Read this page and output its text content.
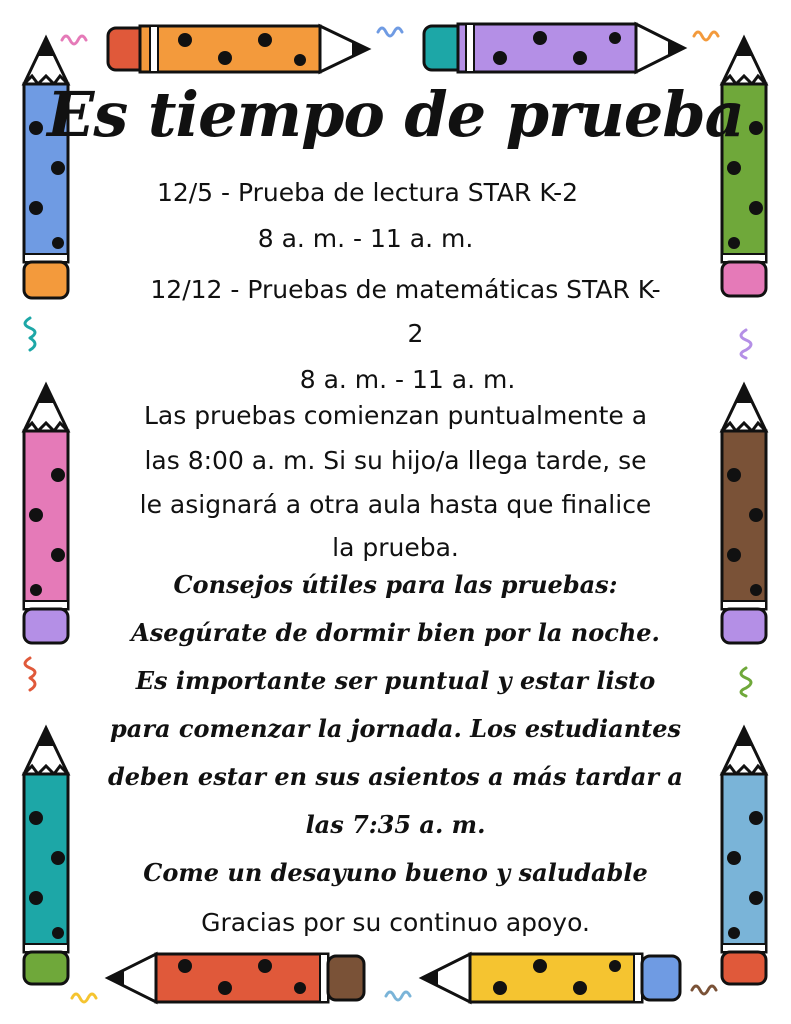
Es tiempo de prueba
12/5 - Prueba de lectura STAR K-2
8 a. m. - 11 a. m.
12/12 - Pruebas de matemáticas STAR K-
2
8 a. m. - 11 a. m.
Las pruebas comienzan puntualmente a
las 8:00 a. m. Si su hijo/a llega tarde, se
le asignará a otra aula hasta que finalice
la prueba.
Consejos útiles para las pruebas:
Asegúrate de dormir bien por la noche.
Es importante ser puntual y estar listo
para comenzar la jornada. Los estudiantes
deben estar en sus asientos a más tardar a
las 7:35 a. m.
Come un desayuno bueno y saludable
Gracias por su continuo apoyo.
